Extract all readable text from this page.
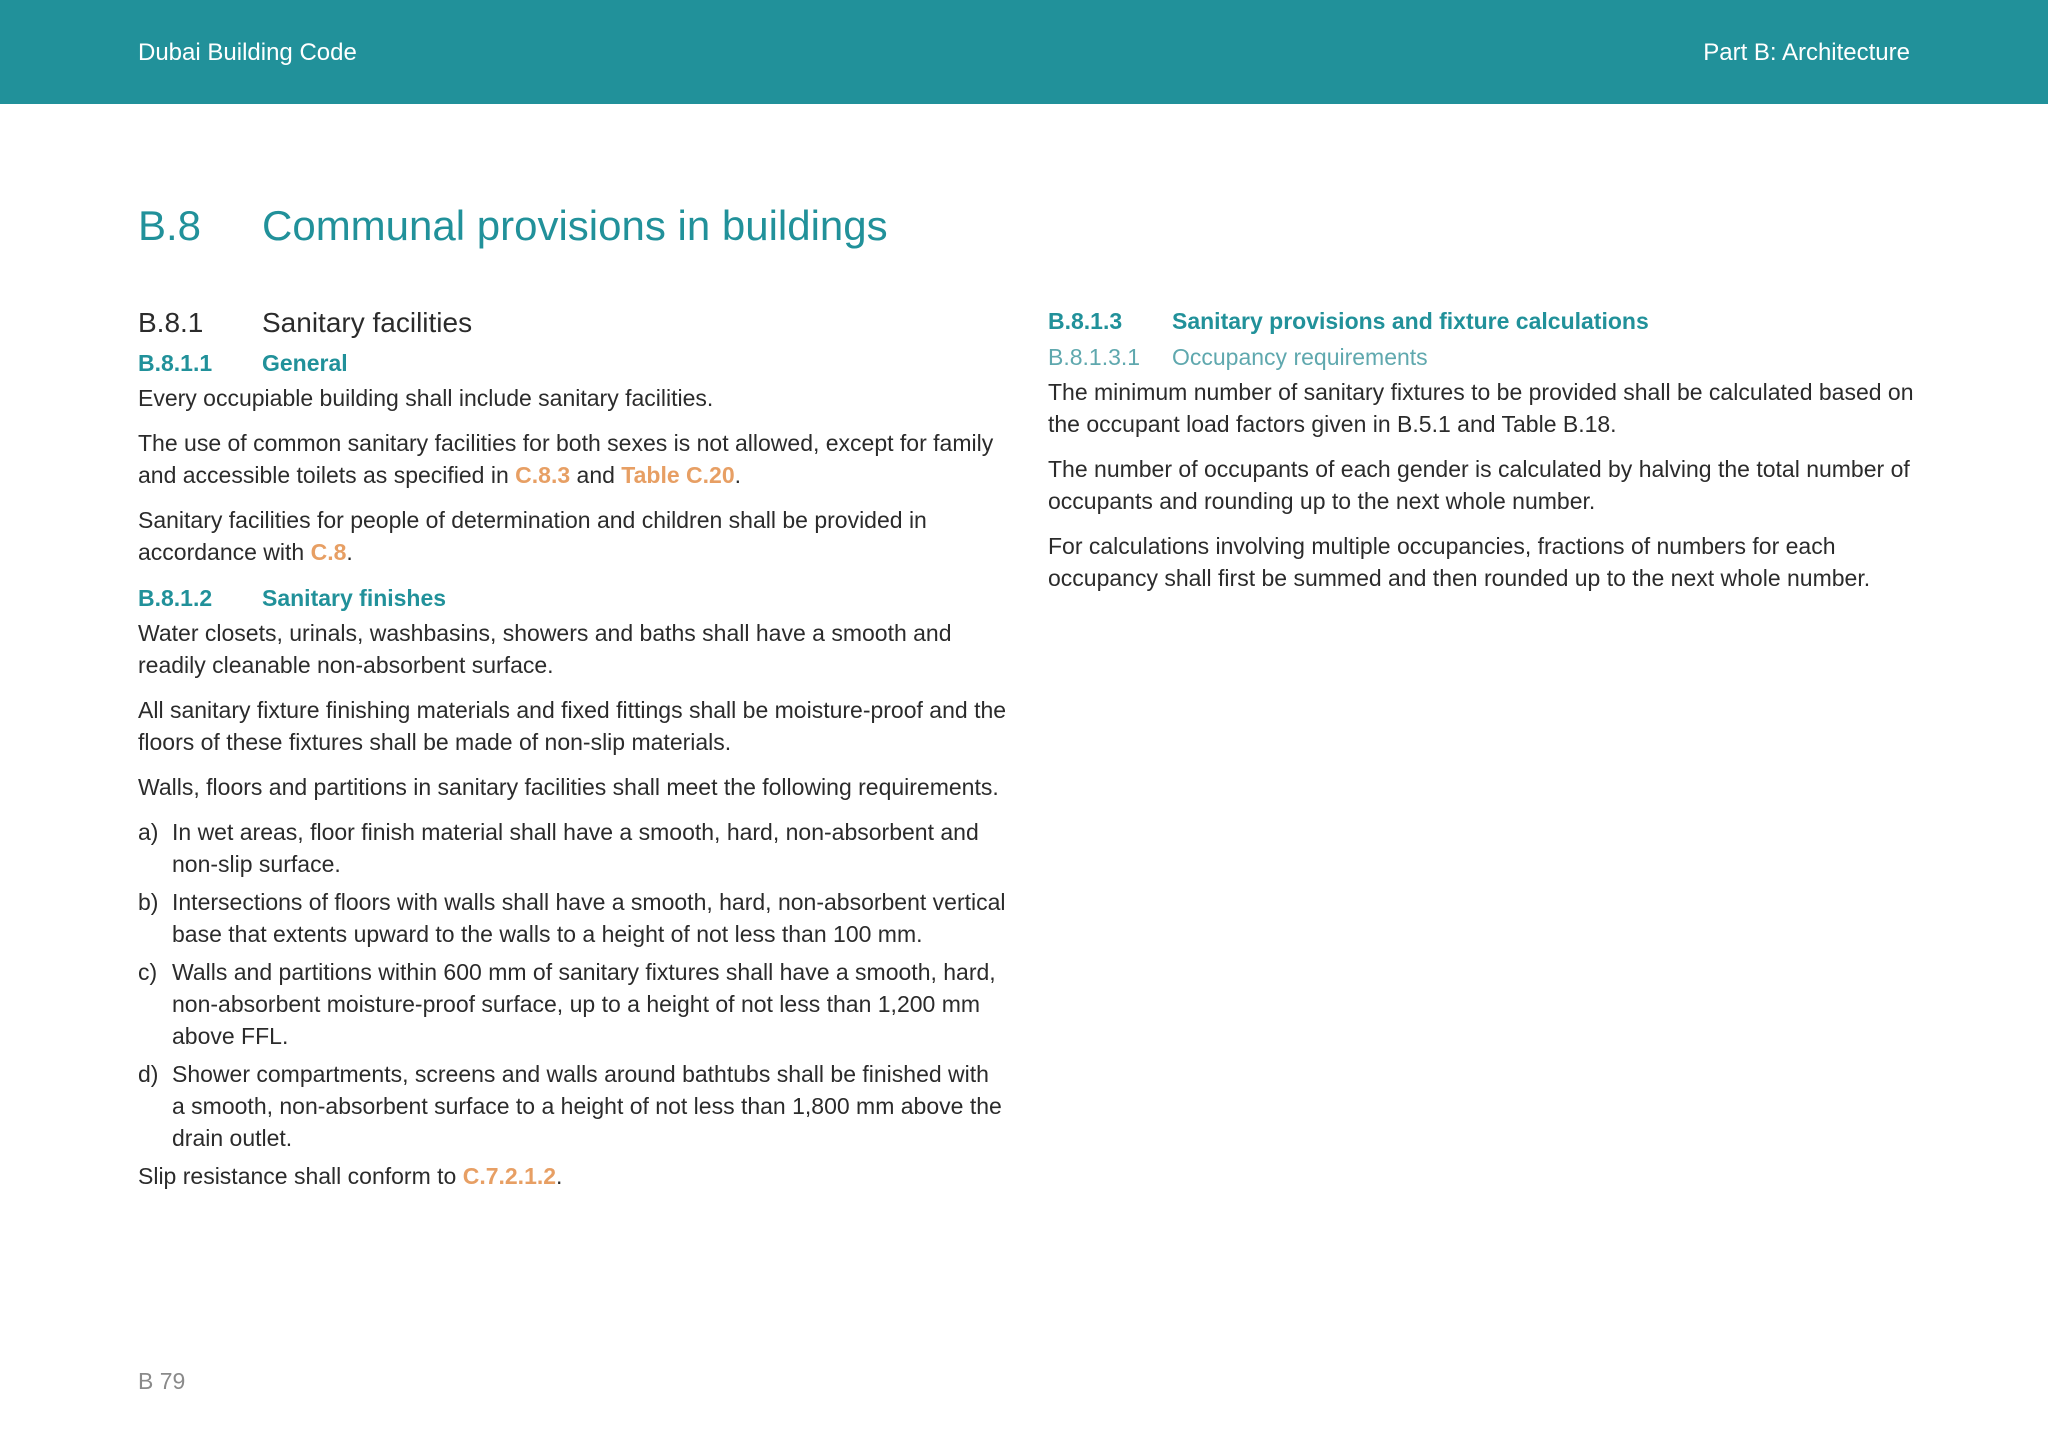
Dubai Building Code	Part B: Architecture
B.8 Communal provisions in buildings
B.8.1 Sanitary facilities
B.8.1.1 General

Every occupiable building shall include sanitary facilities.

The use of common sanitary facilities for both sexes is not allowed, except for family and accessible toilets as specified in C.8.3 and Table C.20.

Sanitary facilities for people of determination and children shall be provided in accordance with C.8.

B.8.1.2 Sanitary finishes

Water closets, urinals, washbasins, showers and baths shall have a smooth and readily cleanable non-absorbent surface.

All sanitary fixture finishing materials and fixed fittings shall be moisture-proof and the floors of these fixtures shall be made of non-slip materials.

Walls, floors and partitions in sanitary facilities shall meet the following requirements.

a) In wet areas, floor finish material shall have a smooth, hard, non-absorbent and non-slip surface.
b) Intersections of floors with walls shall have a smooth, hard, non-absorbent vertical base that extents upward to the walls to a height of not less than 100 mm.
c) Walls and partitions within 600 mm of sanitary fixtures shall have a smooth, hard, non-absorbent moisture-proof surface, up to a height of not less than 1,200 mm above FFL.
d) Shower compartments, screens and walls around bathtubs shall be finished with a smooth, non-absorbent surface to a height of not less than 1,800 mm above the drain outlet.

Slip resistance shall conform to C.7.2.1.2.

B.8.1.3 Sanitary provisions and fixture calculations
B.8.1.3.1 Occupancy requirements

The minimum number of sanitary fixtures to be provided shall be calculated based on the occupant load factors given in B.5.1 and Table B.18.

The number of occupants of each gender is calculated by halving the total number of occupants and rounding up to the next whole number.

For calculations involving multiple occupancies, fractions of numbers for each occupancy shall first be summed and then rounded up to the next whole number.

B 79
